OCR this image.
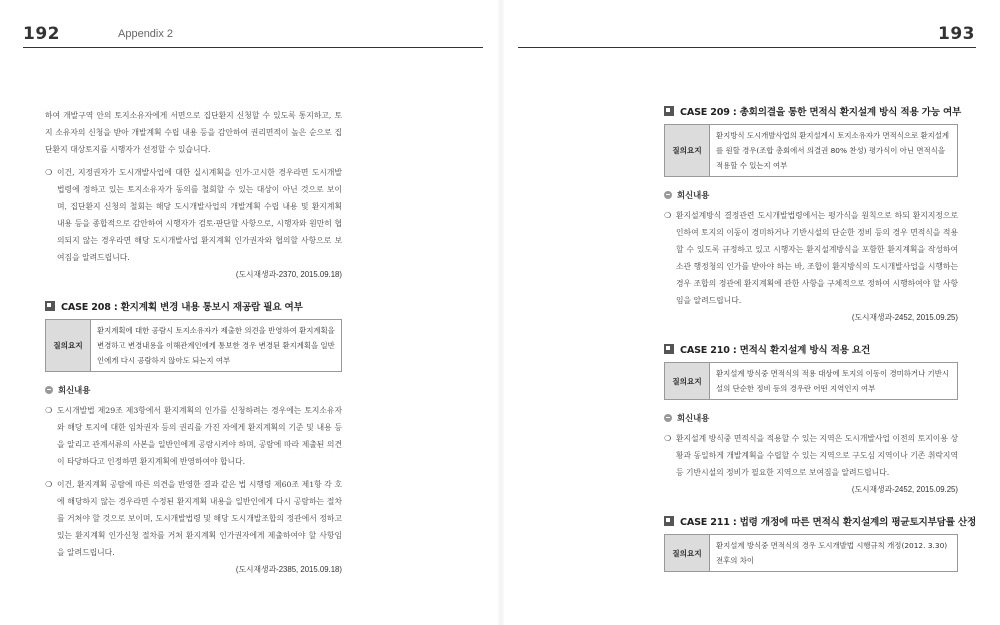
192	Appendix 2	193

하여 개발구역 안의 토지소유자에게 서면으로 집단환지 신청할 수 있도록 통지하고, 토지 소유자의 신청을 받아 개발계획 수립 내용 등을 감안하여 권리면적이 높은 순으로 집단환지 대상토지를 시행자가 선정할 수 있습니다.

❍ 이건, 지정권자가 도시개발사업에 대한 실시계획을 인가·고시한 경우라면 도시개발법령에 정하고 있는 토지소유자가 동의를 철회할 수 있는 대상이 아닌 것으로 보이며, 집단환지 신청의 철회는 해당 도시개발사업의 개발계획 수립 내용 및 환지계획 내용 등을 종합적으로 감안하여 시행자가 검토·판단할 사항으로, 시행자와 원만히 협의되지 않는 경우라면 해당 도시개발사업 환지계획 인가권자와 협의할 사항으로 보여짐을 알려드립니다.

(도시재생과-2370, 2015.09.18)
CASE 208 : 환지계획 변경 내용 통보시 재공람 필요 여부
질의요지
환지계획에 대한 공람시 토지소유자가 제출한 의견을 반영하여 환지계획을 변경하고 변경내용을 이해관계인에게 통보한 경우 변경된 환지계획을 일반인에게 다시 공람하지 않아도 되는지 여부
회신내용
❍ 도시개발법 제29조 제3항에서 환지계획의 인가를 신청하려는 경우에는 토지소유자와 해당 토지에 대한 임차권자 등의 권리를 가진 자에게 환지계획의 기준 및 내용 등을 알리고 관계서류의 사본을 일반인에게 공람시켜야 하며, 공람에 따라 제출된 의견이 타당하다고 인정하면 환지계획에 반영하여야 합니다.

❍ 이건, 환지계획 공람에 따른 의견을 반영한 결과 같은 법 시행령 제60조 제1항 각 호에 해당하지 않는 경우라면 수정된 환지계획 내용을 일반인에게 다시 공람하는 절차를 거쳐야 할 것으로 보이며, 도시개발법령 및 해당 도시개발조합의 정관에서 정하고 있는 환지계획 인가신청 절차를 거쳐 환지계획 인가권자에게 제출하여야 할 사항임을 알려드립니다.

(도시재생과-2385, 2015.09.18)
CASE 209 : 총회의결을 통한 면적식 환지설계 방식 적용 가능 여부
질의요지
환지방식 도시개발사업의 환지설계시 토지소유자가 면적식으로 환지설계를 원할 경우(조합 총회에서 의결권 80% 찬성) 평가식이 아닌 면적식을 적용할 수 있는지 여부
회신내용
❍ 환지설계방식 결정관련 도시개발법령에서는 평가식을 원칙으로 하되 환지지정으로 인하여 토지의 이동이 경미하거나 기반시설의 단순한 정비 등의 경우 면적식을 적용할 수 있도록 규정하고 있고 시행자는 환지설계방식을 포함한 환지계획을 작성하여 소관 행정청의 인가를 받아야 하는 바, 조합이 환지방식의 도시개발사업을 시행하는 경우 조합의 정관에 환지계획에 관한 사항을 구체적으로 정하여 시행하여야 할 사항임을 알려드립니다.

(도시재생과-2452, 2015.09.25)
CASE 210 : 면적식 환지설계 방식 적용 요건
질의요지
환지설계 방식중 면적식의 적용 대상에 토지의 이동이 경미하거나 기반시설의 단순한 정비 등의 경우란 어떤 지역인지 여부
회신내용
❍ 환지설계 방식중 면적식을 적용할 수 있는 지역은 도시개발사업 이전의 토지이용 상황과 동일하게 개발계획을 수립할 수 있는 지역으로 구도심 지역이나 기존 취락지역 등 기반시설의 정비가 필요한 지역으로 보여짐을 알려드립니다.

(도시재생과-2452, 2015.09.25)
CASE 211 : 법령 개정에 따른 면적식 환지설계의 평균토지부담률 산정
질의요지
환지설계 방식중 면적식의 경우 도시개발법 시행규칙 개정(2012. 3.30) 전후의 차이
